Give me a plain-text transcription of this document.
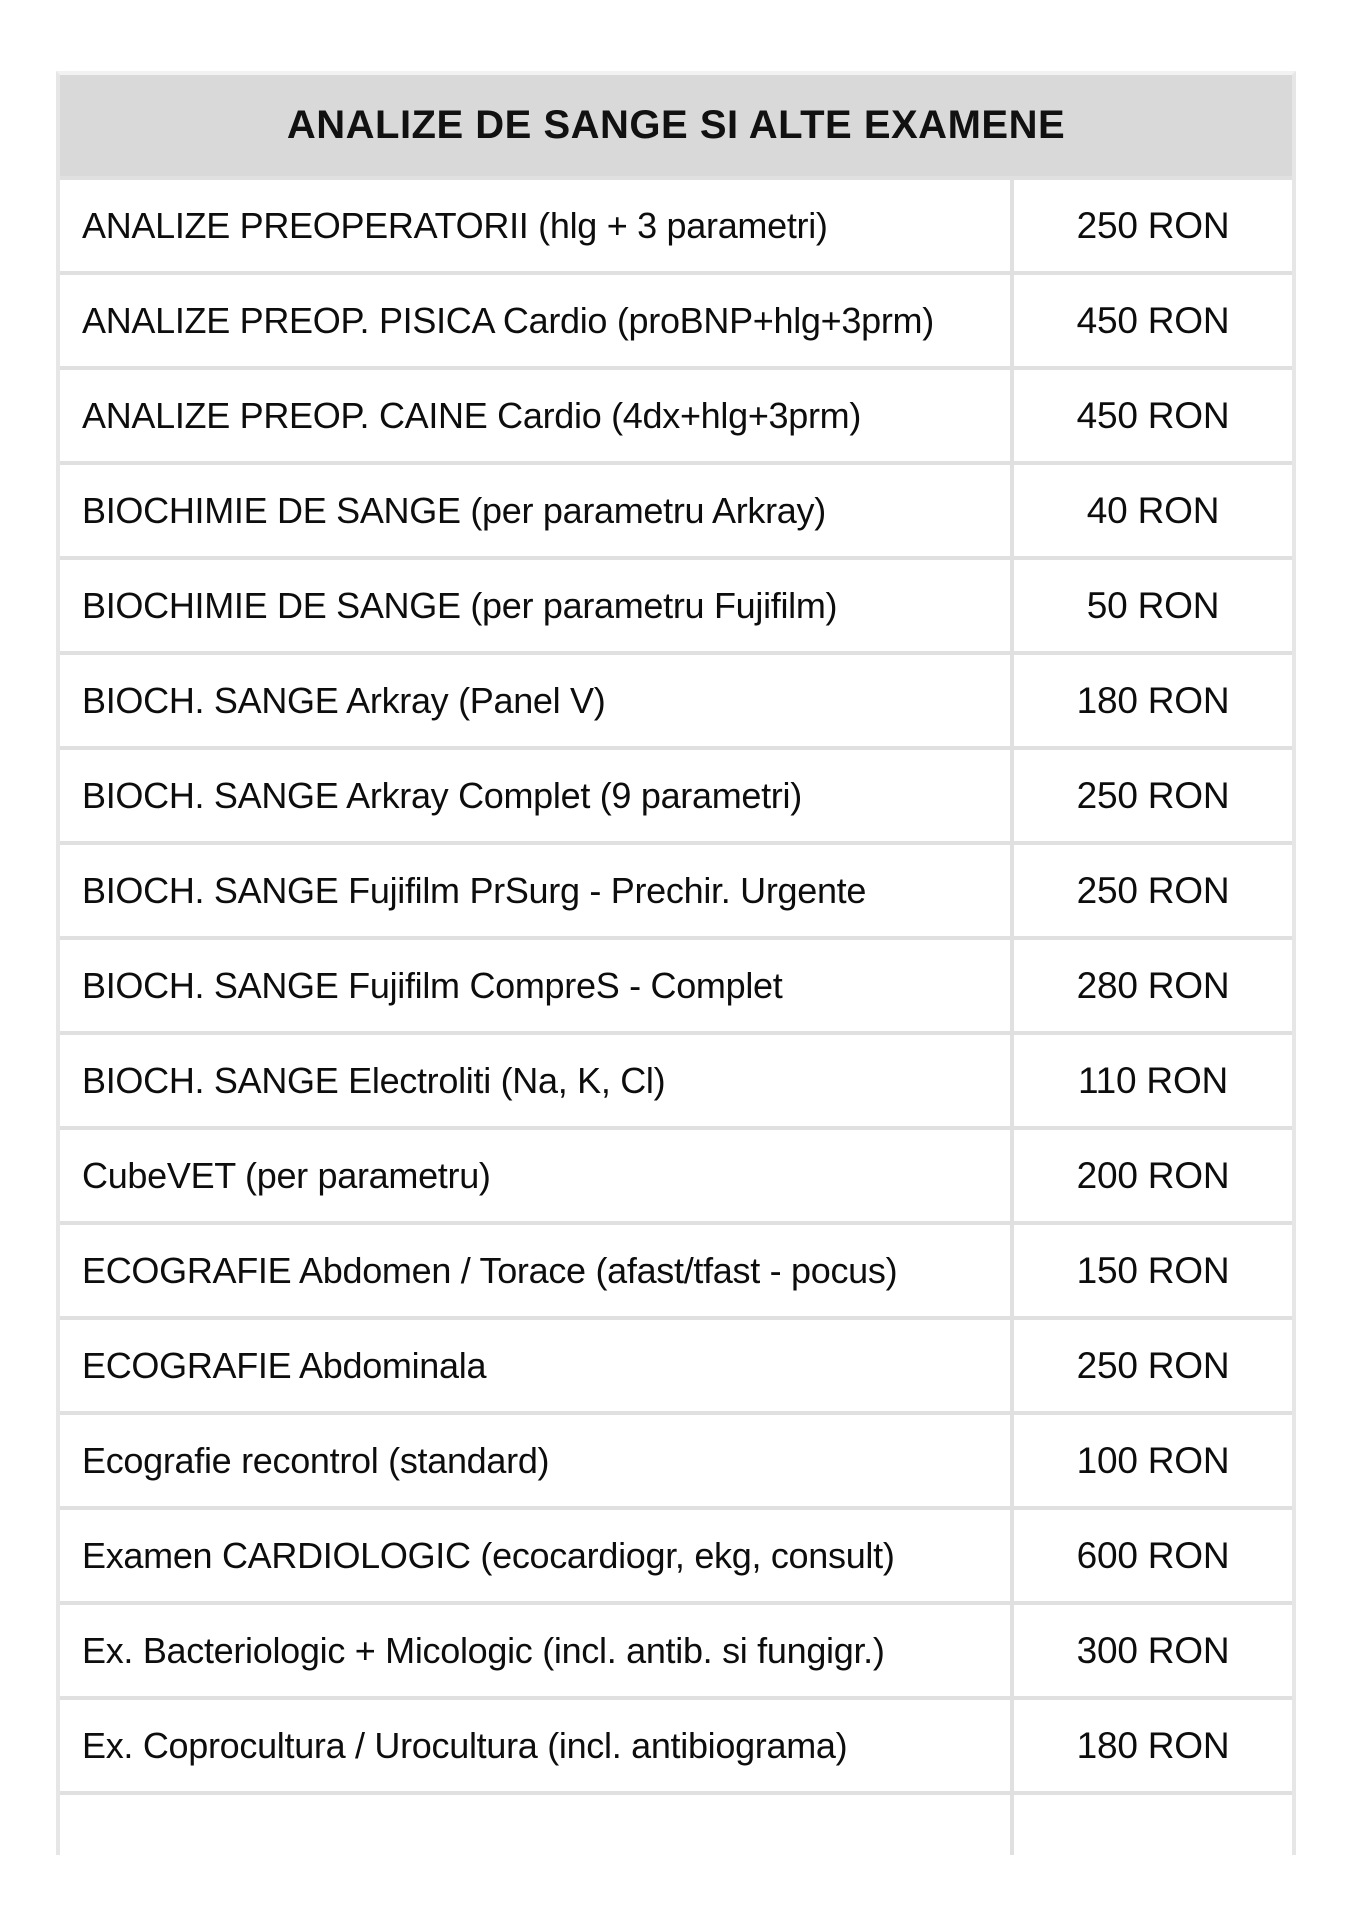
ANALIZE DE SANGE SI ALTE EXAMENE
ANALIZE PREOPERATORII (hlg + 3 parametri)	250 RON
ANALIZE PREOP. PISICA Cardio (proBNP+hlg+3prm)	450 RON
ANALIZE PREOP. CAINE Cardio (4dx+hlg+3prm)	450 RON
BIOCHIMIE DE SANGE (per parametru Arkray)	40 RON
BIOCHIMIE DE SANGE (per parametru Fujifilm)	50 RON
BIOCH. SANGE Arkray (Panel V)	180 RON
BIOCH. SANGE Arkray Complet (9 parametri)	250 RON
BIOCH. SANGE Fujifilm PrSurg - Prechir. Urgente	250 RON
BIOCH. SANGE Fujifilm CompreS - Complet	280 RON
BIOCH. SANGE Electroliti (Na, K, Cl)	110 RON
CubeVET (per parametru)	200 RON
ECOGRAFIE Abdomen / Torace (afast/tfast - pocus)	150 RON
ECOGRAFIE Abdominala	250 RON
Ecografie recontrol (standard)	100 RON
Examen CARDIOLOGIC (ecocardiogr, ekg, consult)	600 RON
Ex. Bacteriologic + Micologic (incl. antib. si fungigr.)	300 RON
Ex. Coprocultura / Urocultura (incl. antibiograma)	180 RON
